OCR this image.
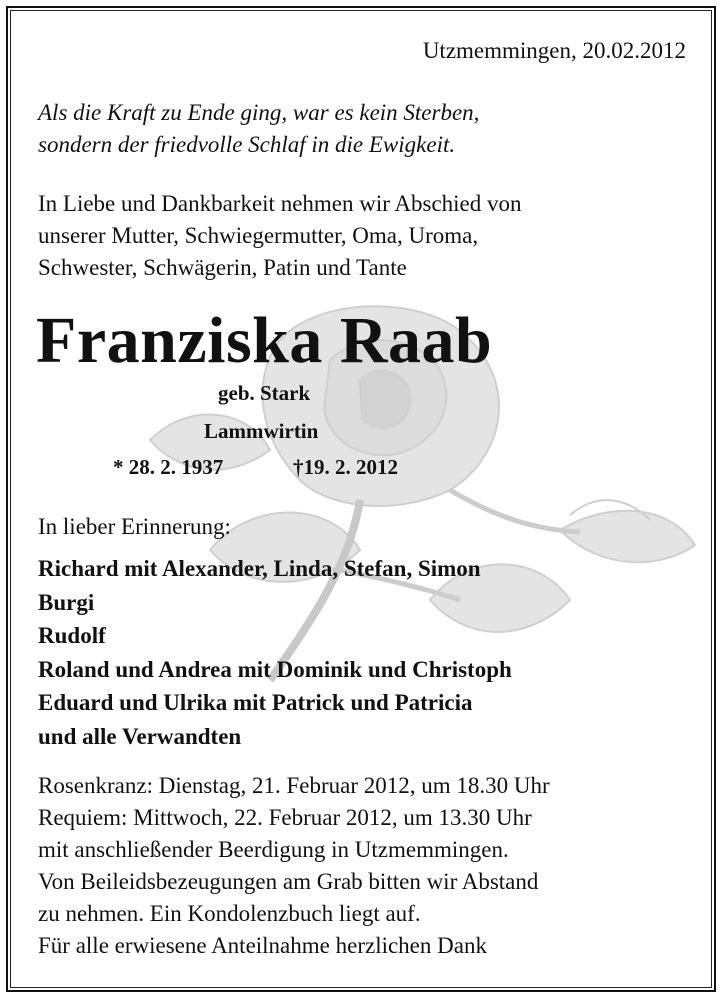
Utzmemmingen, 20.02.2012

Als die Kraft zu Ende ging, war es kein Sterben,
sondern der friedvolle Schlaf in die Ewigkeit.

In Liebe und Dankbarkeit nehmen wir Abschied von
unserer Mutter, Schwiegermutter, Oma, Uroma,
Schwester, Schwägerin, Patin und Tante

Franziska Raab

geb. Stark

Lammwirtin

* 28. 2. 1937	†19. 2. 2012

In lieber Erinnerung:

Richard mit Alexander, Linda, Stefan, Simon
Burgi
Rudolf
Roland und Andrea mit Dominik und Christoph
Eduard und Ulrika mit Patrick und Patricia
und alle Verwandten

Rosenkranz: Dienstag, 21. Februar 2012, um 18.30 Uhr
Requiem: Mittwoch, 22. Februar 2012, um 13.30 Uhr
mit anschließender Beerdigung in Utzmemmingen.
Von Beileidsbezeugungen am Grab bitten wir Abstand
zu nehmen. Ein Kondolenzbuch liegt auf.
Für alle erwiesene Anteilnahme herzlichen Dank
